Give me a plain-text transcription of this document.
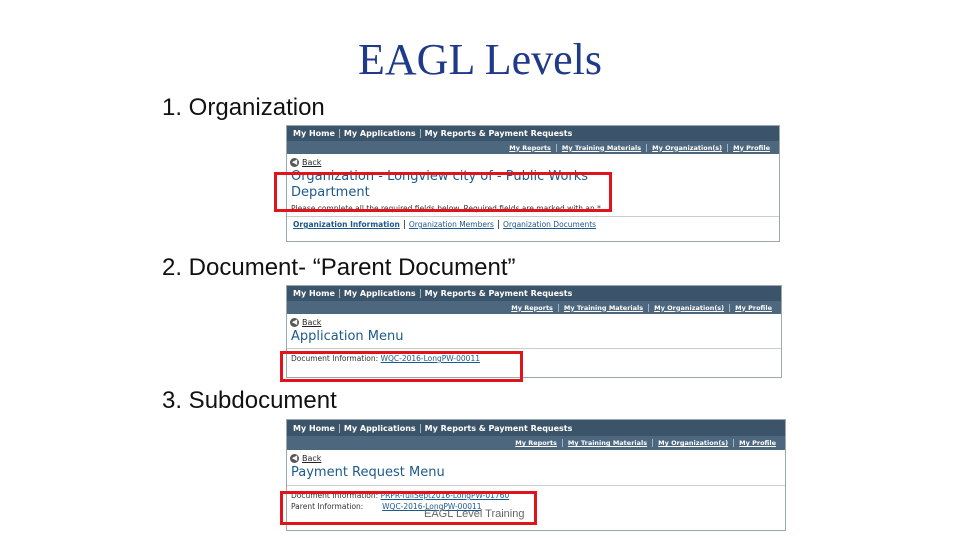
EAGL Levels
1. Organization
My Home	My Applications	My Reports & Payment Requests
My Reports	My Training Materials	My Organization(s)	My Profile
◀ Back
Organization - Longview city of - Public Works Department
Please complete all the required fields below. Required fields are marked with an *.
Organization Information	Organization Members	Organization Documents
2. Document- “Parent Document”
My Home	My Applications	My Reports & Payment Requests
My Reports	My Training Materials	My Organization(s)	My Profile
◀ Back
Application Menu
Document Information: WQC-2016-LongPW-00011
3. Subdocument
My Home	My Applications	My Reports & Payment Requests
My Reports	My Training Materials	My Organization(s)	My Profile
◀ Back
Payment Request Menu
Document Information: PRPR-fullSept2016-LongPW-01760
Parent Information:	WQC-2016-LongPW-00011
EAGL Level Training
